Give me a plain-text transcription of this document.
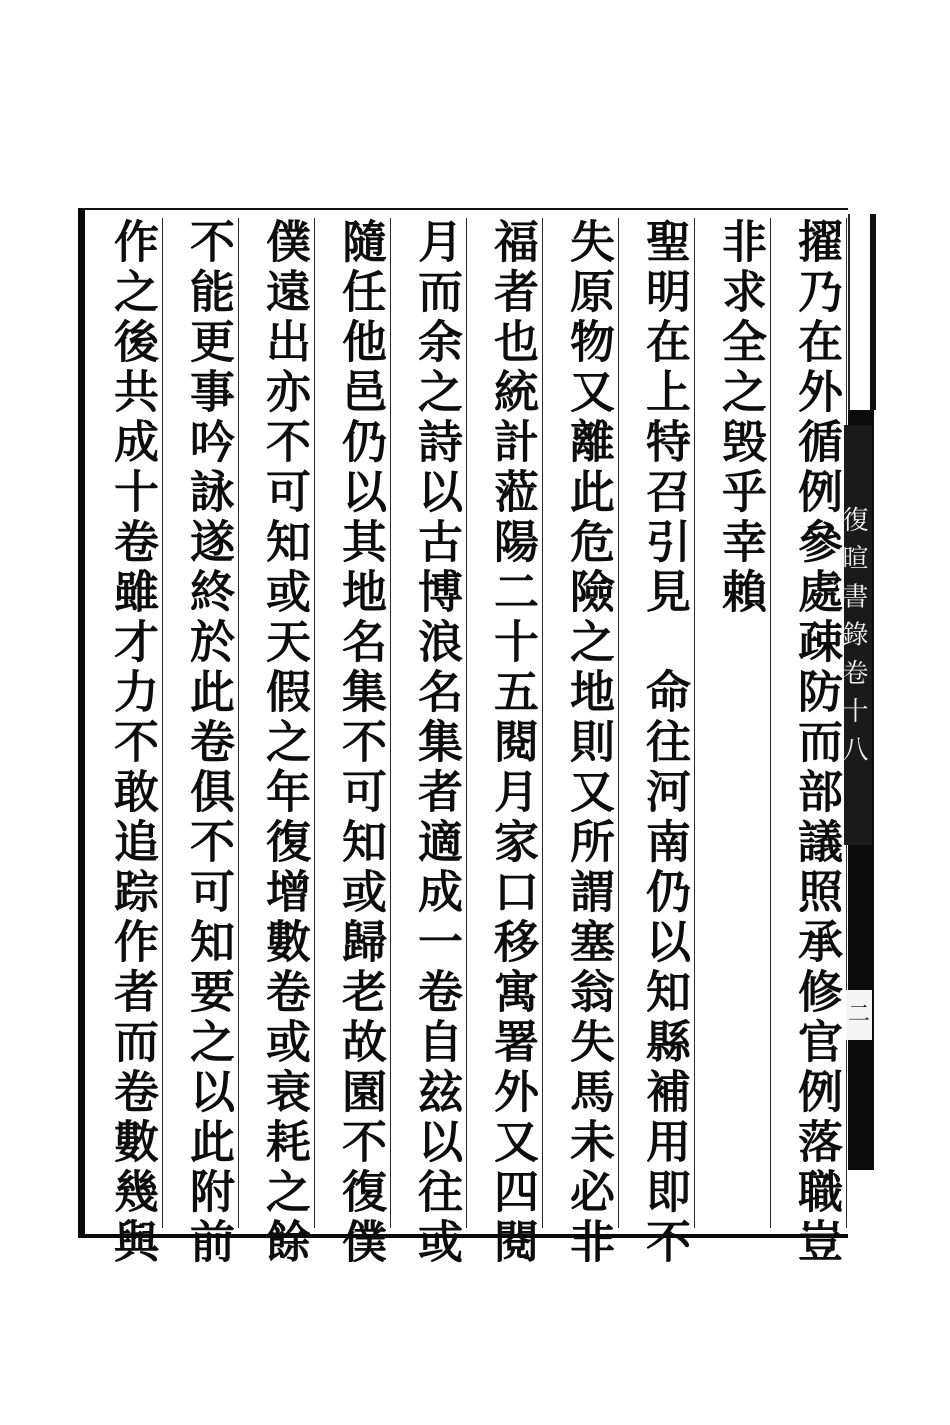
擢乃在外循例參處疎防而部議照承修官例落職豈
非求全之毁乎幸賴
聖明在上特召引見　命往河南仍以知縣補用即不
失原物又離此危險之地則又所謂塞翁失馬未必非
福者也統計蒞陽二十五閱月家口移寓署外又四閱
月而余之詩以古博浪名集者適成一卷自玆以往或
隨任他邑仍以其地名集不可知或歸老故園不復僕
僕遠出亦不可知或天假之年復增數卷或衰耗之餘
不能更事吟詠遂終於此卷俱不可知要之以此附前
作之後共成十卷雖才力不敢追踪作者而卷數幾與	復 暄 書 錄 卷 十 八
二
